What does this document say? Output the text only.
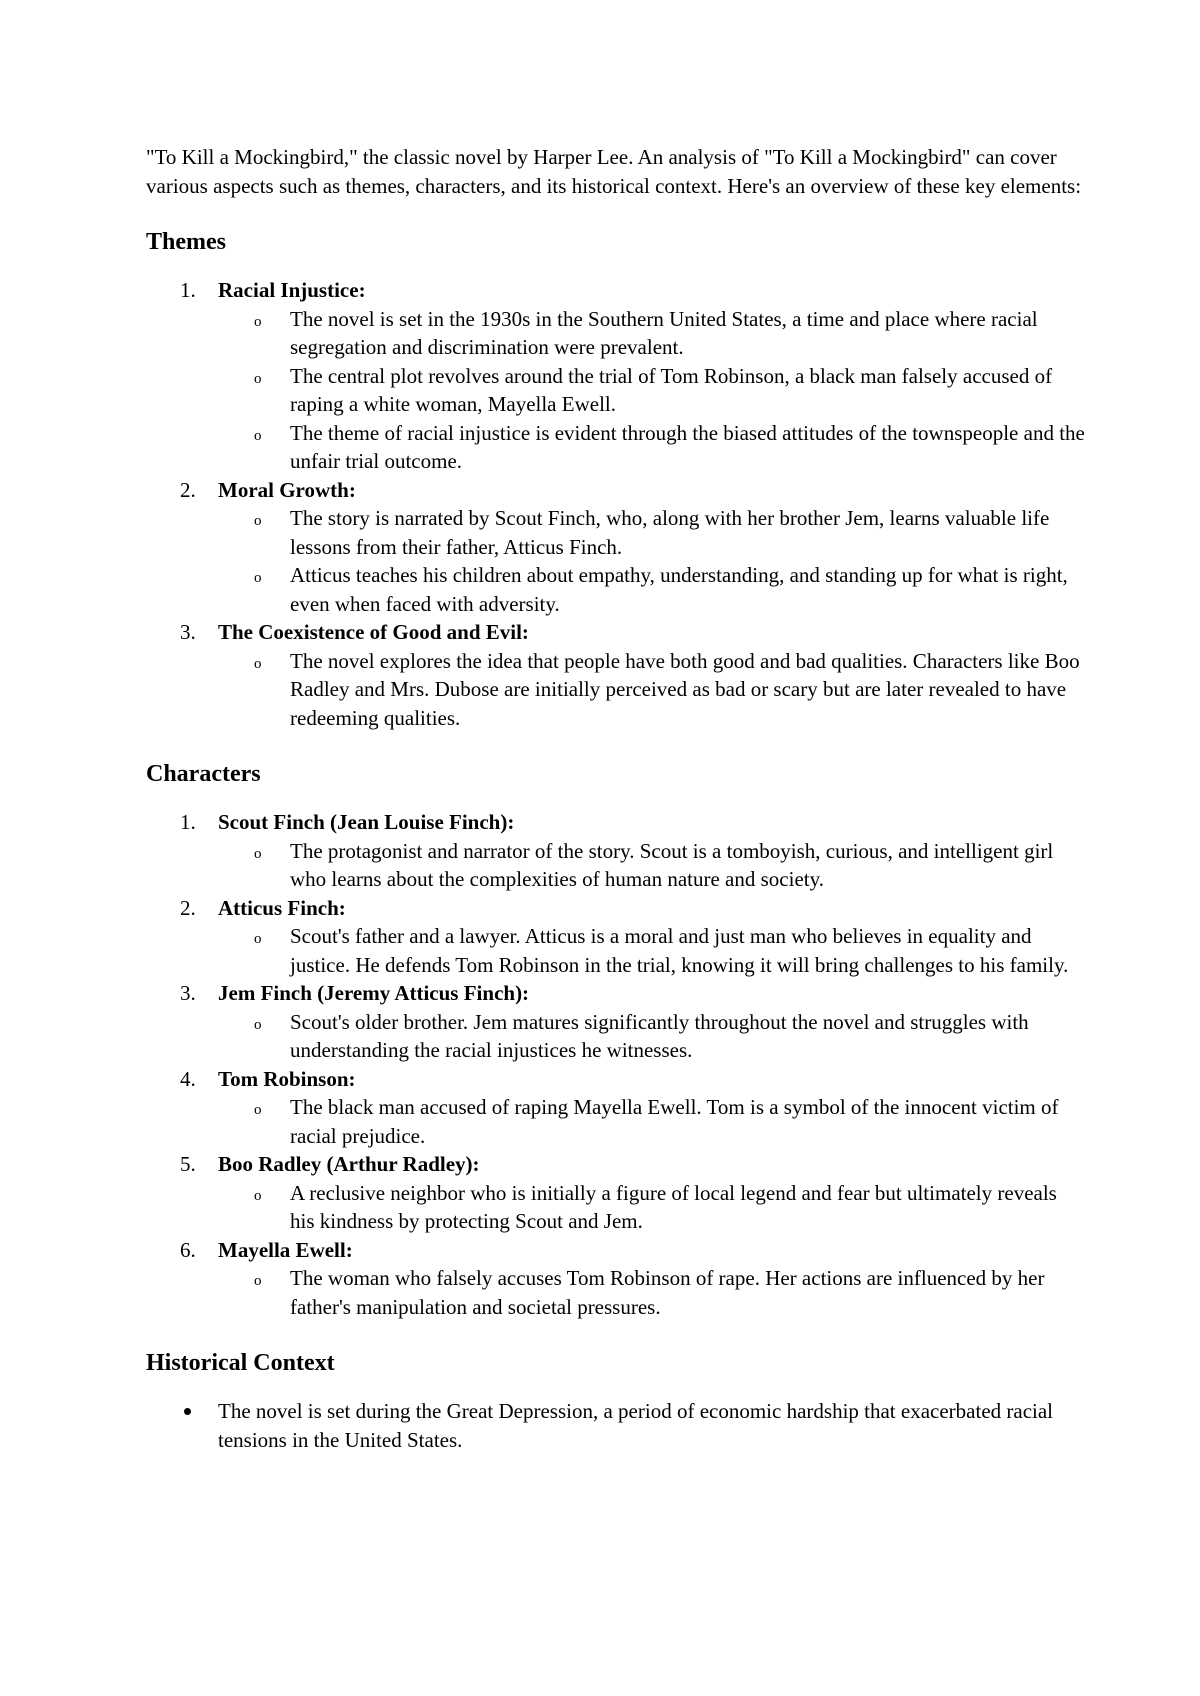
"To Kill a Mockingbird," the classic novel by Harper Lee. An analysis of "To Kill a Mockingbird" can cover various aspects such as themes, characters, and its historical context. Here's an overview of these key elements:

Themes
1. Racial Injustice:
o The novel is set in the 1930s in the Southern United States, a time and place where racial segregation and discrimination were prevalent.
o The central plot revolves around the trial of Tom Robinson, a black man falsely accused of raping a white woman, Mayella Ewell.
o The theme of racial injustice is evident through the biased attitudes of the townspeople and the unfair trial outcome.
2. Moral Growth:
o The story is narrated by Scout Finch, who, along with her brother Jem, learns valuable life lessons from their father, Atticus Finch.
o Atticus teaches his children about empathy, understanding, and standing up for what is right, even when faced with adversity.
3. The Coexistence of Good and Evil:
o The novel explores the idea that people have both good and bad qualities. Characters like Boo Radley and Mrs. Dubose are initially perceived as bad or scary but are later revealed to have redeeming qualities.
Characters
1. Scout Finch (Jean Louise Finch):
o The protagonist and narrator of the story. Scout is a tomboyish, curious, and intelligent girl who learns about the complexities of human nature and society.
2. Atticus Finch:
o Scout's father and a lawyer. Atticus is a moral and just man who believes in equality and justice. He defends Tom Robinson in the trial, knowing it will bring challenges to his family.
3. Jem Finch (Jeremy Atticus Finch):
o Scout's older brother. Jem matures significantly throughout the novel and struggles with understanding the racial injustices he witnesses.
4. Tom Robinson:
o The black man accused of raping Mayella Ewell. Tom is a symbol of the innocent victim of racial prejudice.
5. Boo Radley (Arthur Radley):
o A reclusive neighbor who is initially a figure of local legend and fear but ultimately reveals his kindness by protecting Scout and Jem.
6. Mayella Ewell:
o The woman who falsely accuses Tom Robinson of rape. Her actions are influenced by her father's manipulation and societal pressures.
Historical Context
The novel is set during the Great Depression, a period of economic hardship that exacerbated racial tensions in the United States.
